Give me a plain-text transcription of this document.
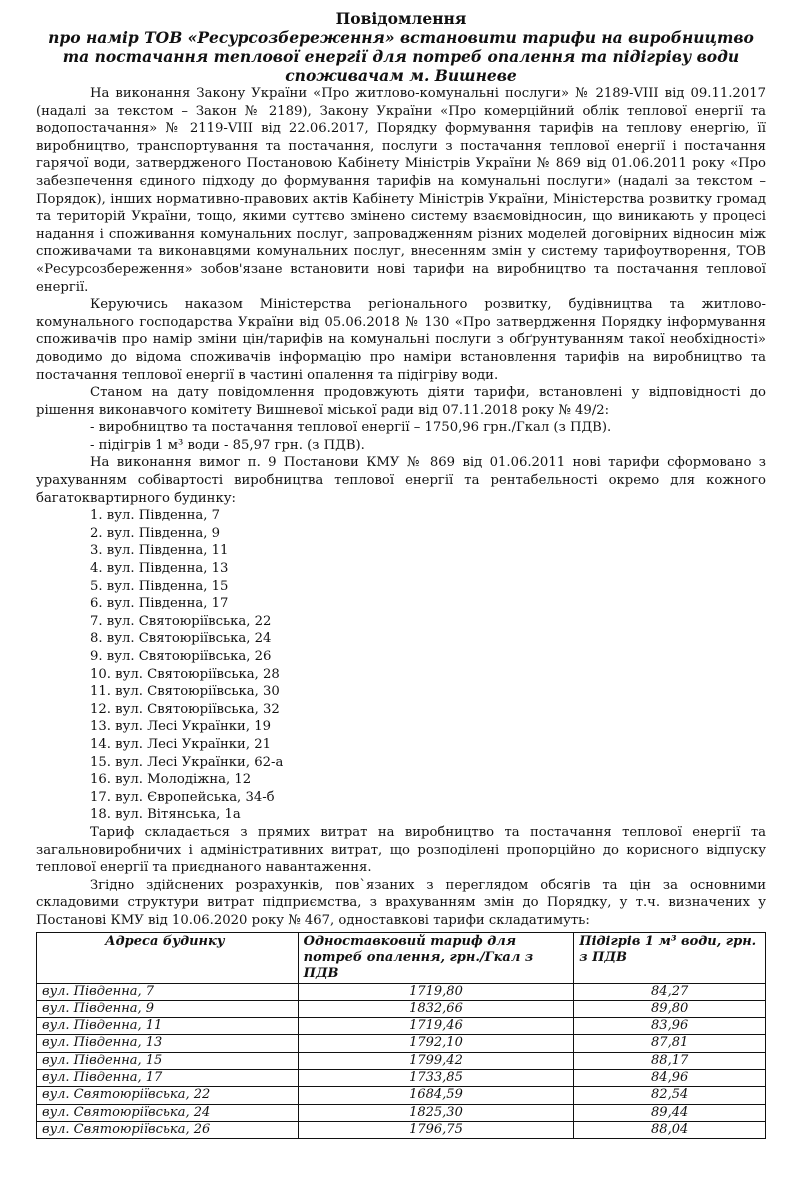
Повідомлення
про намір ТОВ «Ресурсозбереження» встановити тарифи на виробництво
та постачання теплової енергії для потреб опалення та підігріву води
споживачам м. Вишневе

На виконання Закону України «Про житлово-комунальні послуги» № 2189-VIII від 09.11.2017 (надалі за текстом – Закон № 2189), Закону України «Про комерційний облік теплової енергії та водопостачання» № 2119-VIII від 22.06.2017, Порядку формування тарифів на теплову енергію, її виробництво, транспортування та постачання, послуги з постачання теплової енергії і постачання гарячої води, затвердженого Постановою Кабінету Міністрів України № 869 від 01.06.2011 року «Про забезпечення єдиного підходу до формування тарифів на комунальні послуги» (надалі за текстом – Порядок), інших нормативно-правових актів Кабінету Міністрів України, Міністерства розвитку громад та територій України, тощо, якими суттєво змінено систему взаємовідносин, що виникають у процесі надання і споживання комунальних послуг, запровадженням різних моделей договірних відносин між споживачами та виконавцями комунальних послуг, внесенням змін у систему тарифоутворення, ТОВ «Ресурсозбереження» зобов'язане встановити нові тарифи на виробництво та постачання теплової енергії.

Керуючись наказом Міністерства регіонального розвитку, будівництва та житлово-комунального господарства України від 05.06.2018 № 130 «Про затвердження Порядку інформування споживачів про намір зміни цін/тарифів на комунальні послуги з обґрунтуванням такої необхідності» доводимо до відома споживачів інформацію про наміри встановлення тарифів на виробництво та постачання теплової енергії в частині опалення та підігріву води.

Станом на дату повідомлення продовжують діяти тарифи, встановлені у відповідності до рішення виконавчого комітету Вишневої міської ради від 07.11.2018 року № 49/2:

- виробництво та постачання теплової енергії – 1750,96 грн./Гкал (з ПДВ).

- підігрів 1 м³ води - 85,97 грн. (з ПДВ).

На виконання вимог п. 9 Постанови КМУ № 869 від 01.06.2011 нові тарифи сформовано з урахуванням собівартості виробництва теплової енергії та рентабельності окремо для кожного багатоквартирного будинку:

1. вул. Південна, 7
2. вул. Південна, 9
3. вул. Південна, 11
4. вул. Південна, 13
5. вул. Південна, 15
6. вул. Південна, 17
7. вул. Святоюріївська, 22
8. вул. Святоюріївська, 24
9. вул. Святоюріївська, 26
10. вул. Святоюріївська, 28
11. вул. Святоюріївська, 30
12. вул. Святоюріївська, 32
13. вул. Лесі Українки, 19
14. вул. Лесі Українки, 21
15. вул. Лесі Українки, 62-а
16. вул. Молодіжна, 12
17. вул. Європейська, 34-б
18. вул. Вітянська, 1а

Тариф складається з прямих витрат на виробництво та постачання теплової енергії та загальновиробничих і адміністративних витрат, що розподілені пропорційно до корисного відпуску теплової енергії та приєднаного навантаження.

Згідно здійснених розрахунків, пов`язаних з переглядом обсягів та цін за основними складовими структури витрат підприємства, з врахуванням змін до Порядку, у т.ч. визначених у Постанові КМУ від 10.06.2020 року № 467, одноставкові тарифи складатимуть:

Адреса будинку	Одноставковий тариф для потреб опалення, грн./Гкал з ПДВ	Підігрів 1 м³ води, грн. з ПДВ
вул. Південна, 7	1719,80	84,27
вул. Південна, 9	1832,66	89,80
вул. Південна, 11	1719,46	83,96
вул. Південна, 13	1792,10	87,81
вул. Південна, 15	1799,42	88,17
вул. Південна, 17	1733,85	84,96
вул. Святоюріївська, 22	1684,59	82,54
вул. Святоюріївська, 24	1825,30	89,44
вул. Святоюріївська, 26	1796,75	88,04
